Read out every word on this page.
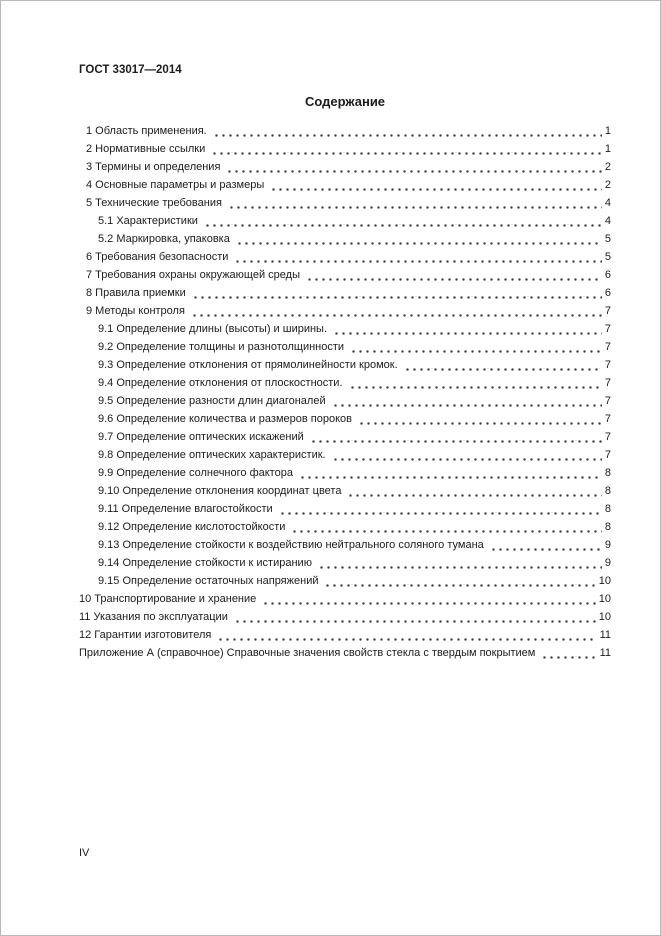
ГОСТ 33017—2014
Содержание
1 Область применения.	1
2 Нормативные ссылки	1
3 Термины и определения	2
4 Основные параметры и размеры	2
5 Технические требования	4
5.1 Характеристики	4
5.2 Маркировка, упаковка	5
6 Требования безопасности	5
7 Требования охраны окружающей среды	6
8 Правила приемки	6
9 Методы контроля	7
9.1 Определение длины (высоты) и ширины.	7
9.2 Определение толщины и разнотолщинности	7
9.3 Определение отклонения от прямолинейности кромок.	7
9.4 Определение отклонения от плоскостности.	7
9.5 Определение разности длин диагоналей	7
9.6 Определение количества и размеров пороков	7
9.7 Определение оптических искажений	7
9.8 Определение оптических характеристик.	7
9.9 Определение солнечного фактора	8
9.10 Определение отклонения координат цвета	8
9.11 Определение влагостойкости	8
9.12 Определение кислотостойкости	8
9.13 Определение стойкости к воздействию нейтрального соляного тумана	9
9.14 Определение стойкости к истиранию	9
9.15 Определение остаточных напряжений	10
10 Транспортирование и хранение	10
11 Указания по эксплуатации	10
12 Гарантии изготовителя	11
Приложение А (справочное) Справочные значения свойств стекла с твердым покрытием	11
IV
